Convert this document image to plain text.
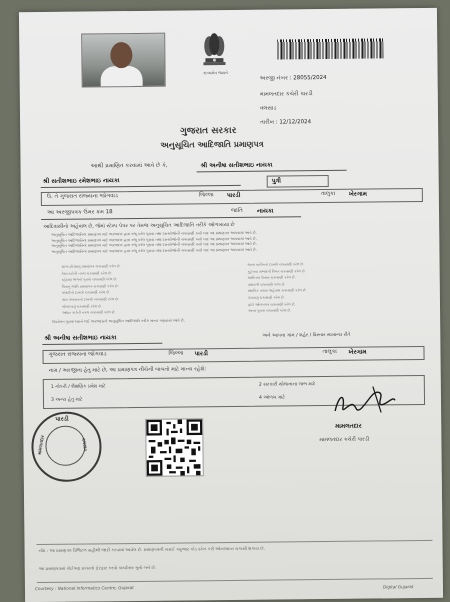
સત્યમેવ જયતે
અરજી નંબર : 28055/2024
મામલતદાર કચેરી પારડી
વલસાડ
તારીખ : 12/12/2024
ગુજરાત સરકાર
અનુસૂચિત આદિજાતિ પ્રમાણપત્ર
આથી પ્રમાણિત કરવામાં આવે છે કે,	શ્રી અનીષા સતીશભાઇ નાયકા
પુત્રી
શ્રી સતીશભાઇ રમેશભાઇ નાયકા
ઉ. તે ગુજરાત રાજ્યના જોગવાડ	જિલ્લા પારડી	તાલુકા ખેરગામ
આ અરજીપત્રક ઉંમર ક્રમ 18	જાતિ નાયકા
આદિવાસીનો અહેવાલ છે, જેમાં સ્ટેમ્પ પેપર પર તેમજ અનુસૂચિત આદિજાતિ તરીકે ઓળખાયા છે
અનુસૂચિત આદિજાતિના પ્રમાણપત્ર માટે અરજદાર દ્વારા રજૂ કરેલ પુરાવા તથા દસ્તાવેજોની ચકાસણી કર્યા બાદ આ પ્રમાણપત્ર આપવામાં આવે છે.
અનુસૂચિત આદિજાતિના પ્રમાણપત્ર માટે અરજદાર દ્વારા રજૂ કરેલ પુરાવા તથા દસ્તાવેજોની ચકાસણી કર્યા બાદ આ પ્રમાણપત્ર આપવામાં આવે છે.
અનુસૂચિત આદિજાતિના પ્રમાણપત્ર માટે અરજદાર દ્વારા રજૂ કરેલ પુરાવા તથા દસ્તાવેજોની ચકાસણી કર્યા બાદ આ પ્રમાણપત્ર આપવામાં આવે છે.
અનુસૂચિત આદિજાતિના પ્રમાણપત્ર માટે અરજદાર દ્વારા રજૂ કરેલ પુરાવા તથા દસ્તાવેજોની ચકાસણી કર્યા બાદ આ પ્રમાણપત્ર આપવામાં આવે છે.
શાળા છોડ્યાનું પ્રમાણપત્ર ચકાસણી કરેલ છે.
રેશનકાર્ડની નકલ ચકાસણી કરેલ છે.
રહેઠાણ અંગેનો પુરાવો ચકાસણી કરેલ છે.
પિતાનું જાતિ પ્રમાણપત્ર ચકાસણી કરેલ છે.
તલાટીનો દાખલો ચકાસણી કરેલ છે.
ગ્રામ પંચાયતનો દાખલો ચકાસણી કરેલ છે.
સોગંદનામું ચકાસણી કરેલ છે.
આધાર કાર્ડની નકલ ચકાસણી કરેલ છે.
જન્મ તારીખનો દાખલો ચકાસણી કરેલ છે.
કુટુંબના સભ્યોની વિગત ચકાસણી કરેલ છે.
જમીનના ઉતારા ચકાસણી કરેલ છે.
વંશાવળી ચકાસણી કરેલ છે.
સ્થાનિક તપાસ અહેવાલ ચકાસણી કરેલ છે.
પંચનામું ચકાસણી કરેલ છે.
ફોટો ઓળખપત્ર ચકાસણી કરેલ છે.
અન્ય પુરાવા ચકાસણી કરેલ છે.
ઉપરોક્ત પુરાવા ધ્યાને લઈ અરજદારને અનુસૂચિત આદિજાતિ તરીકે માન્ય ગણવામાં આવે છે.
શ્રી અનીષા સતીશભાઇ નાયકા	અને આપના ગામ / શહેર / વિસ્તાર સામાન્ય રીતે
ગુજરાત રાજ્યના જોગવાડ	જિલ્લા પારડી	તાલુકા ખેરગામ
નામ / અરજીના હેતુ માટે છે, આ પ્રમાણપત્ર નીચેની બાબતો માટે માન્ય રહેશે:
1 નોકરી / શૈક્ષણિક પ્રવેશ માટે	2 સરકારી યોજનાના લાભ માટે
3 અન્ય હેતુ માટે	4 ઓળખ માટે
પારડી
મામલતદાર	વલસાડ
મામલતદાર
મામલતદાર કચેરી પારડી
નોંધ : આ પ્રમાણપત્ર ડિજિટલ સહીથી જારી કરવામાં આવેલ છે. પ્રમાણપત્રની ખરાઈ ક્યુઆર કોડ સ્કેન કરી ઓનલાઇન ચકાસી શકાય છે.
આ પ્રમાણપત્રમાં કોઈપણ પ્રકારનો ફેરફાર કરવો કાયદેસર ગુનો બને છે.
Courtesy : National Informatics Centre, Gujarat	Digital Gujarat
